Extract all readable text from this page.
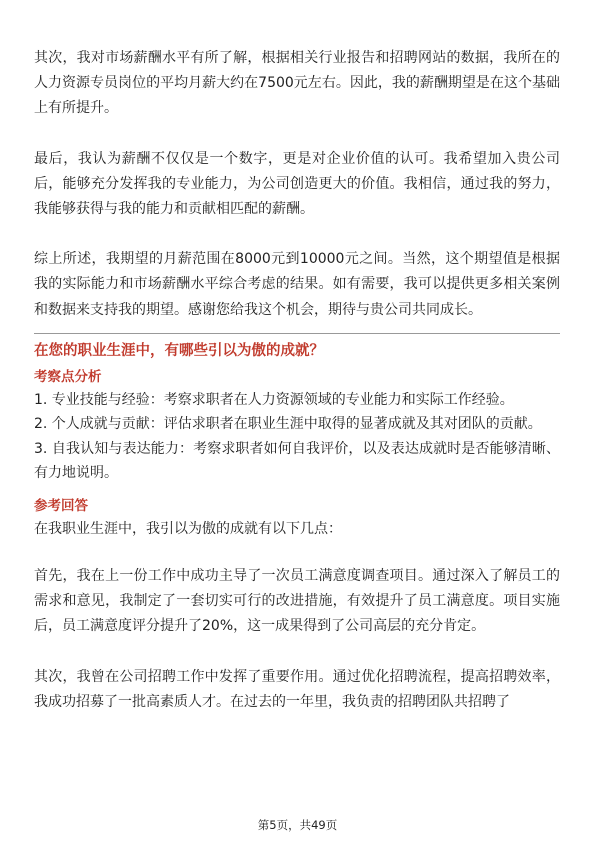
其次，我对市场薪酬水平有所了解，根据相关行业报告和招聘网站的数据，我所在的人力资源专员岗位的平均月薪大约在7500元左右。因此，我的薪酬期望是在这个基础上有所提升。

最后，我认为薪酬不仅仅是一个数字，更是对企业价值的认可。我希望加入贵公司后，能够充分发挥我的专业能力，为公司创造更大的价值。我相信，通过我的努力，我能够获得与我的能力和贡献相匹配的薪酬。

综上所述，我期望的月薪范围在8000元到10000元之间。当然，这个期望值是根据我的实际能力和市场薪酬水平综合考虑的结果。如有需要，我可以提供更多相关案例和数据来支持我的期望。感谢您给我这个机会，期待与贵公司共同成长。

在您的职业生涯中，有哪些引以为傲的成就？
考察点分析

1. 专业技能与经验：考察求职者在人力资源领域的专业能力和实际工作经验。

2. 个人成就与贡献：评估求职者在职业生涯中取得的显著成就及其对团队的贡献。

3. 自我认知与表达能力：考察求职者如何自我评价，以及表达成就时是否能够清晰、有力地说明。

参考回答

在我职业生涯中，我引以为傲的成就有以下几点：

首先，我在上一份工作中成功主导了一次员工满意度调查项目。通过深入了解员工的需求和意见，我制定了一套切实可行的改进措施，有效提升了员工满意度。项目实施后，员工满意度评分提升了20%，这一成果得到了公司高层的充分肯定。

其次，我曾在公司招聘工作中发挥了重要作用。通过优化招聘流程，提高招聘效率，我成功招募了一批高素质人才。在过去的一年里，我负责的招聘团队共招聘了

第5页，共49页
